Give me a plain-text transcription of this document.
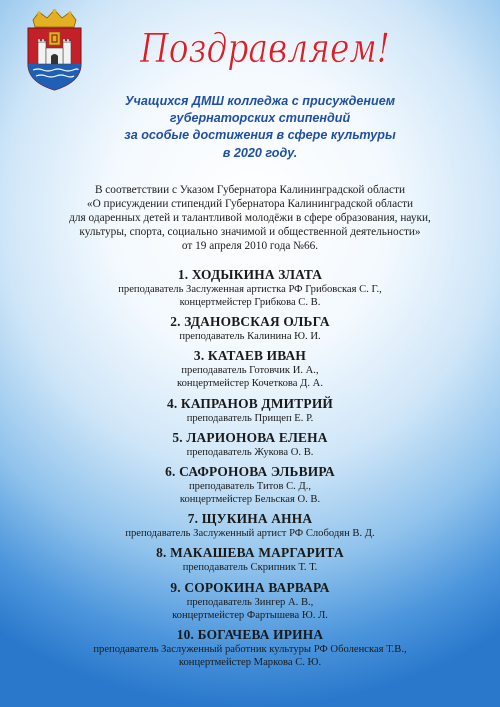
Поздравляем!
Учащихся ДМШ колледжа с присуждением
губернаторских стипендий
за особые достижения в сфере культуры
в 2020 году.
В соответствии с Указом Губернатора Калининградской области
«О присуждении стипендий Губернатора Калининградской области
для одаренных детей и талантливой молодёжи в сфере образования, науки,
культуры, спорта, социально значимой и общественной деятельности»
от 19 апреля 2010 года №66.
1. ХОДЫКИНА ЗЛАТА
преподаватель Заслуженная артистка РФ Грибовская С. Г.,
концертмейстер Грибкова С. В.
2. ЗДАНОВСКАЯ ОЛЬГА
преподаватель Калинина Ю. И.
3. КАТАЕВ ИВАН
преподаватель Готовчик И. А.,
концертмейстер Кочеткова Д. А.
4. КАПРАНОВ ДМИТРИЙ
преподаватель Прищеп Е. Р.
5. ЛАРИОНОВА ЕЛЕНА
преподаватель Жукова О. В.
6. САФРОНОВА ЭЛЬВИРА
преподаватель Титов С. Д.,
концертмейстер Бельская О. В.
7. ЩУКИНА АННА
преподаватель Заслуженный артист РФ Слободян В. Д.
8. МАКАШЕВА МАРГАРИТА
преподаватель Скрипник Т. Т.
9. СОРОКИНА ВАРВАРА
преподаватель Зингер А. В.,
концертмейстер Фартышева Ю. Л.
10. БОГАЧЕВА ИРИНА
преподаватель Заслуженный работник культуры РФ Оболенская Т.В.,
концертмейстер Маркова С. Ю.
